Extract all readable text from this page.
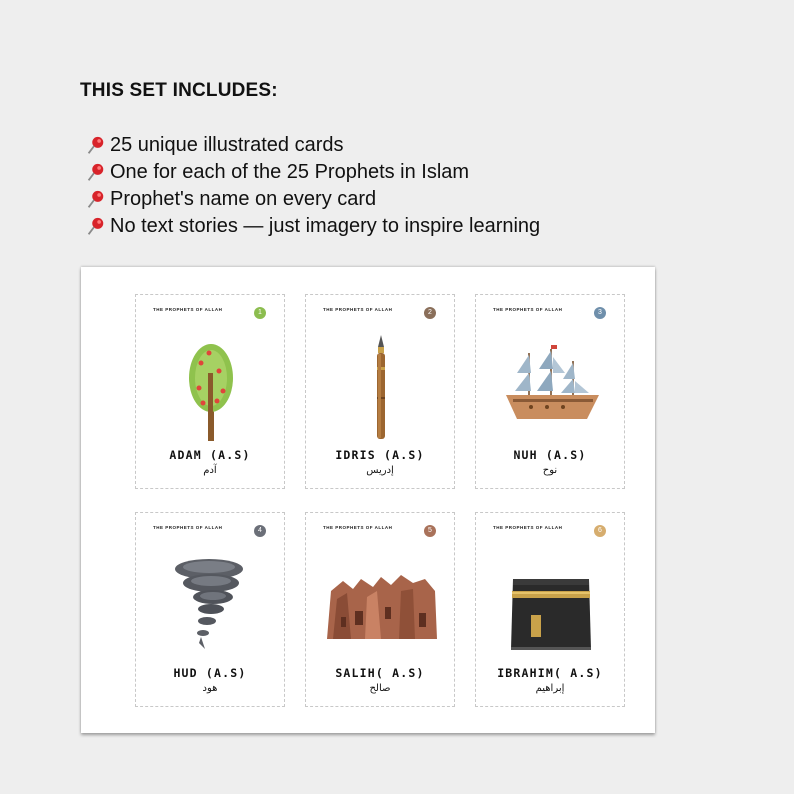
THIS SET INCLUDES:
25 unique illustrated cards
One for each of the 25 Prophets in Islam
Prophet's name on every card
No text stories — just imagery to inspire learning
THE PROPHETS OF ALLAH	1
ADAM (A.S)
آدم
THE PROPHETS OF ALLAH	2
IDRIS (A.S)
إدريس
THE PROPHETS OF ALLAH	3
NUH (A.S)
نوح
THE PROPHETS OF ALLAH	4
HUD (A.S)
هود
THE PROPHETS OF ALLAH	5
SALIH( A.S)
صالح
THE PROPHETS OF ALLAH	6
IBRAHIM( A.S)
إبراهيم
